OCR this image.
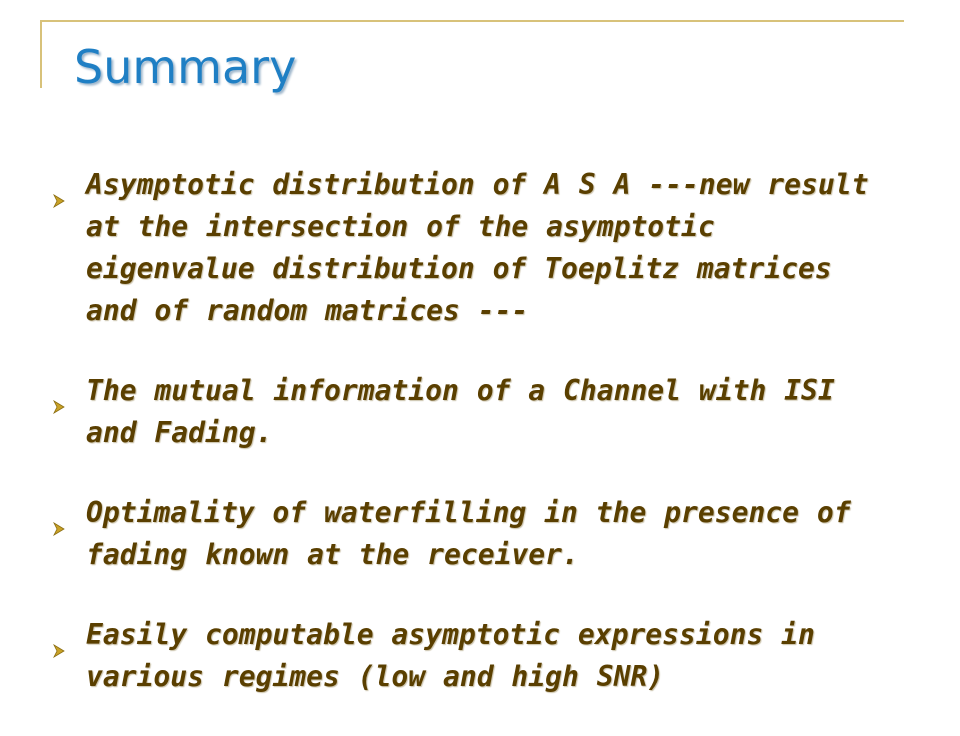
Summary
Asymptotic distribution of A S A ---new result at the intersection of the asymptotic eigenvalue distribution of Toeplitz matrices and of random matrices ---
The mutual information of a Channel with ISI and Fading.
Optimality of waterfilling in the presence of fading known at the receiver.
Easily computable asymptotic expressions in various regimes (low and high SNR)
